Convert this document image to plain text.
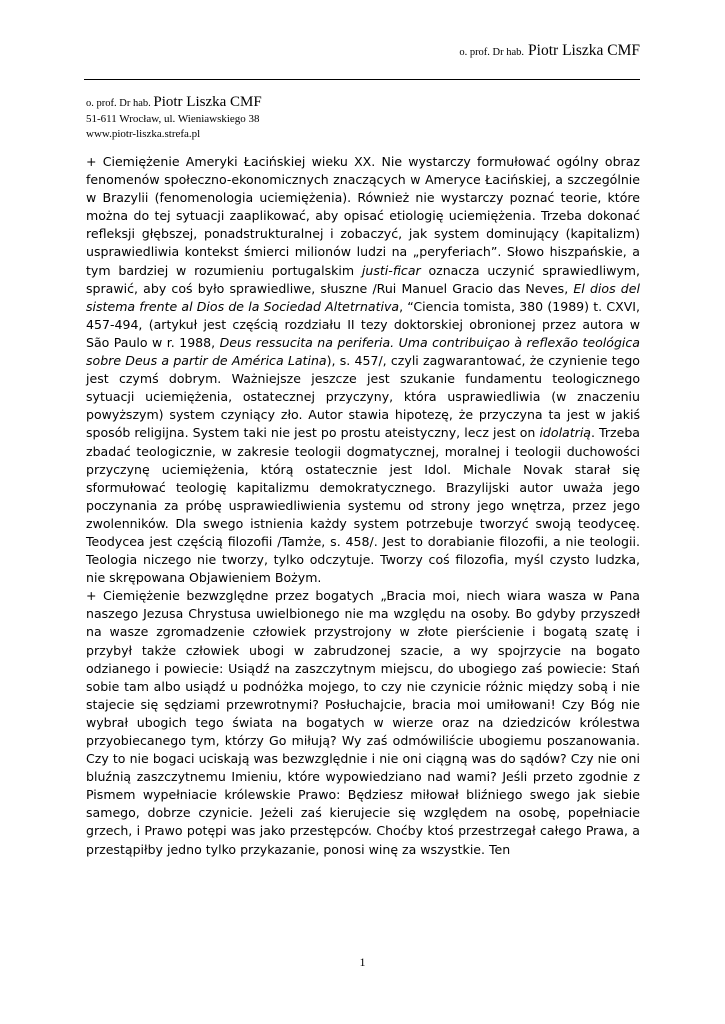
o. prof. Dr hab. Piotr Liszka CMF
o. prof. Dr hab. Piotr Liszka CMF
51-611 Wrocław, ul. Wieniawskiego 38
www.piotr-liszka.strefa.pl

+ Ciemiężenie Ameryki Łacińskiej wieku XX. Nie wystarczy formułować ogólny obraz fenomenów społeczno-ekonomicznych znaczących w Ameryce Łacińskiej, a szczególnie w Brazylii (fenomenologia uciemiężenia). Również nie wystarczy poznać teorie, które można do tej sytuacji zaaplikować, aby opisać etiologię uciemiężenia. Trzeba dokonać refleksji głębszej, ponadstrukturalnej i zobaczyć, jak system dominujący (kapitalizm) usprawiedliwia kontekst śmierci milionów ludzi na „peryferiach”. Słowo hiszpańskie, a tym bardziej w rozumieniu portugalskim justi-ficar oznacza uczynić sprawiedliwym, sprawić, aby coś było sprawiedliwe, słuszne /Rui Manuel Gracio das Neves, El dios del sistema frente al Dios de la Sociedad Altetrnativa, “Ciencia tomista, 380 (1989) t. CXVI, 457-494, (artykuł jest częścią rozdziału II tezy doktorskiej obronionej przez autora w São Paulo w r. 1988, Deus ressucita na periferia. Uma contribuiçao à reflexão teológica sobre Deus a partir de América Latina), s. 457/, czyli zagwarantować, że czynienie tego jest czymś dobrym. Ważniejsze jeszcze jest szukanie fundamentu teologicznego sytuacji uciemiężenia, ostatecznej przyczyny, która usprawiedliwia (w znaczeniu powyższym) system czyniący zło. Autor stawia hipotezę, że przyczyna ta jest w jakiś sposób religijna. System taki nie jest po prostu ateistyczny, lecz jest on idolatrią. Trzeba zbadać teologicznie, w zakresie teologii dogmatycznej, moralnej i teologii duchowości przyczynę uciemiężenia, którą ostatecznie jest Idol. Michale Novak starał się sformułować teologię kapitalizmu demokratycznego. Brazylijski autor uważa jego poczynania za próbę usprawiedliwienia systemu od strony jego wnętrza, przez jego zwolenników. Dla swego istnienia każdy system potrzebuje tworzyć swoją teodyceę. Teodycea jest częścią filozofii /Tamże, s. 458/. Jest to dorabianie filozofii, a nie teologii. Teologia niczego nie tworzy, tylko odczytuje. Tworzy coś filozofia, myśl czysto ludzka, nie skrępowana Objawieniem Bożym.

+ Ciemiężenie bezwzględne przez bogatych „Bracia moi, niech wiara wasza w Pana naszego Jezusa Chrystusa uwielbionego nie ma względu na osoby. Bo gdyby przyszedł na wasze zgromadzenie człowiek przystrojony w złote pierścienie i bogatą szatę i przybył także człowiek ubogi w zabrudzonej szacie, a wy spojrzycie na bogato odzianego i powiecie: Usiądź na zaszczytnym miejscu, do ubogiego zaś powiecie: Stań sobie tam albo usiądź u podnóżka mojego, to czy nie czynicie różnic między sobą i nie stajecie się sędziami przewrotnymi? Posłuchajcie, bracia moi umiłowani! Czy Bóg nie wybrał ubogich tego świata na bogatych w wierze oraz na dziedziców królestwa przyobiecanego tym, którzy Go miłują? Wy zaś odmówiliście ubogiemu poszanowania. Czy to nie bogaci uciskają was bezwzględnie i nie oni ciągną was do sądów? Czy nie oni bluźnią zaszczytnemu Imieniu, które wypowiedziano nad wami? Jeśli przeto zgodnie z Pismem wypełniacie królewskie Prawo: Będziesz miłował bliźniego swego jak siebie samego, dobrze czynicie. Jeżeli zaś kierujecie się względem na osobę, popełniacie grzech, i Prawo potępi was jako przestępców. Choćby ktoś przestrzegał całego Prawa, a przestąpiłby jedno tylko przykazanie, ponosi winę za wszystkie. Ten

1
